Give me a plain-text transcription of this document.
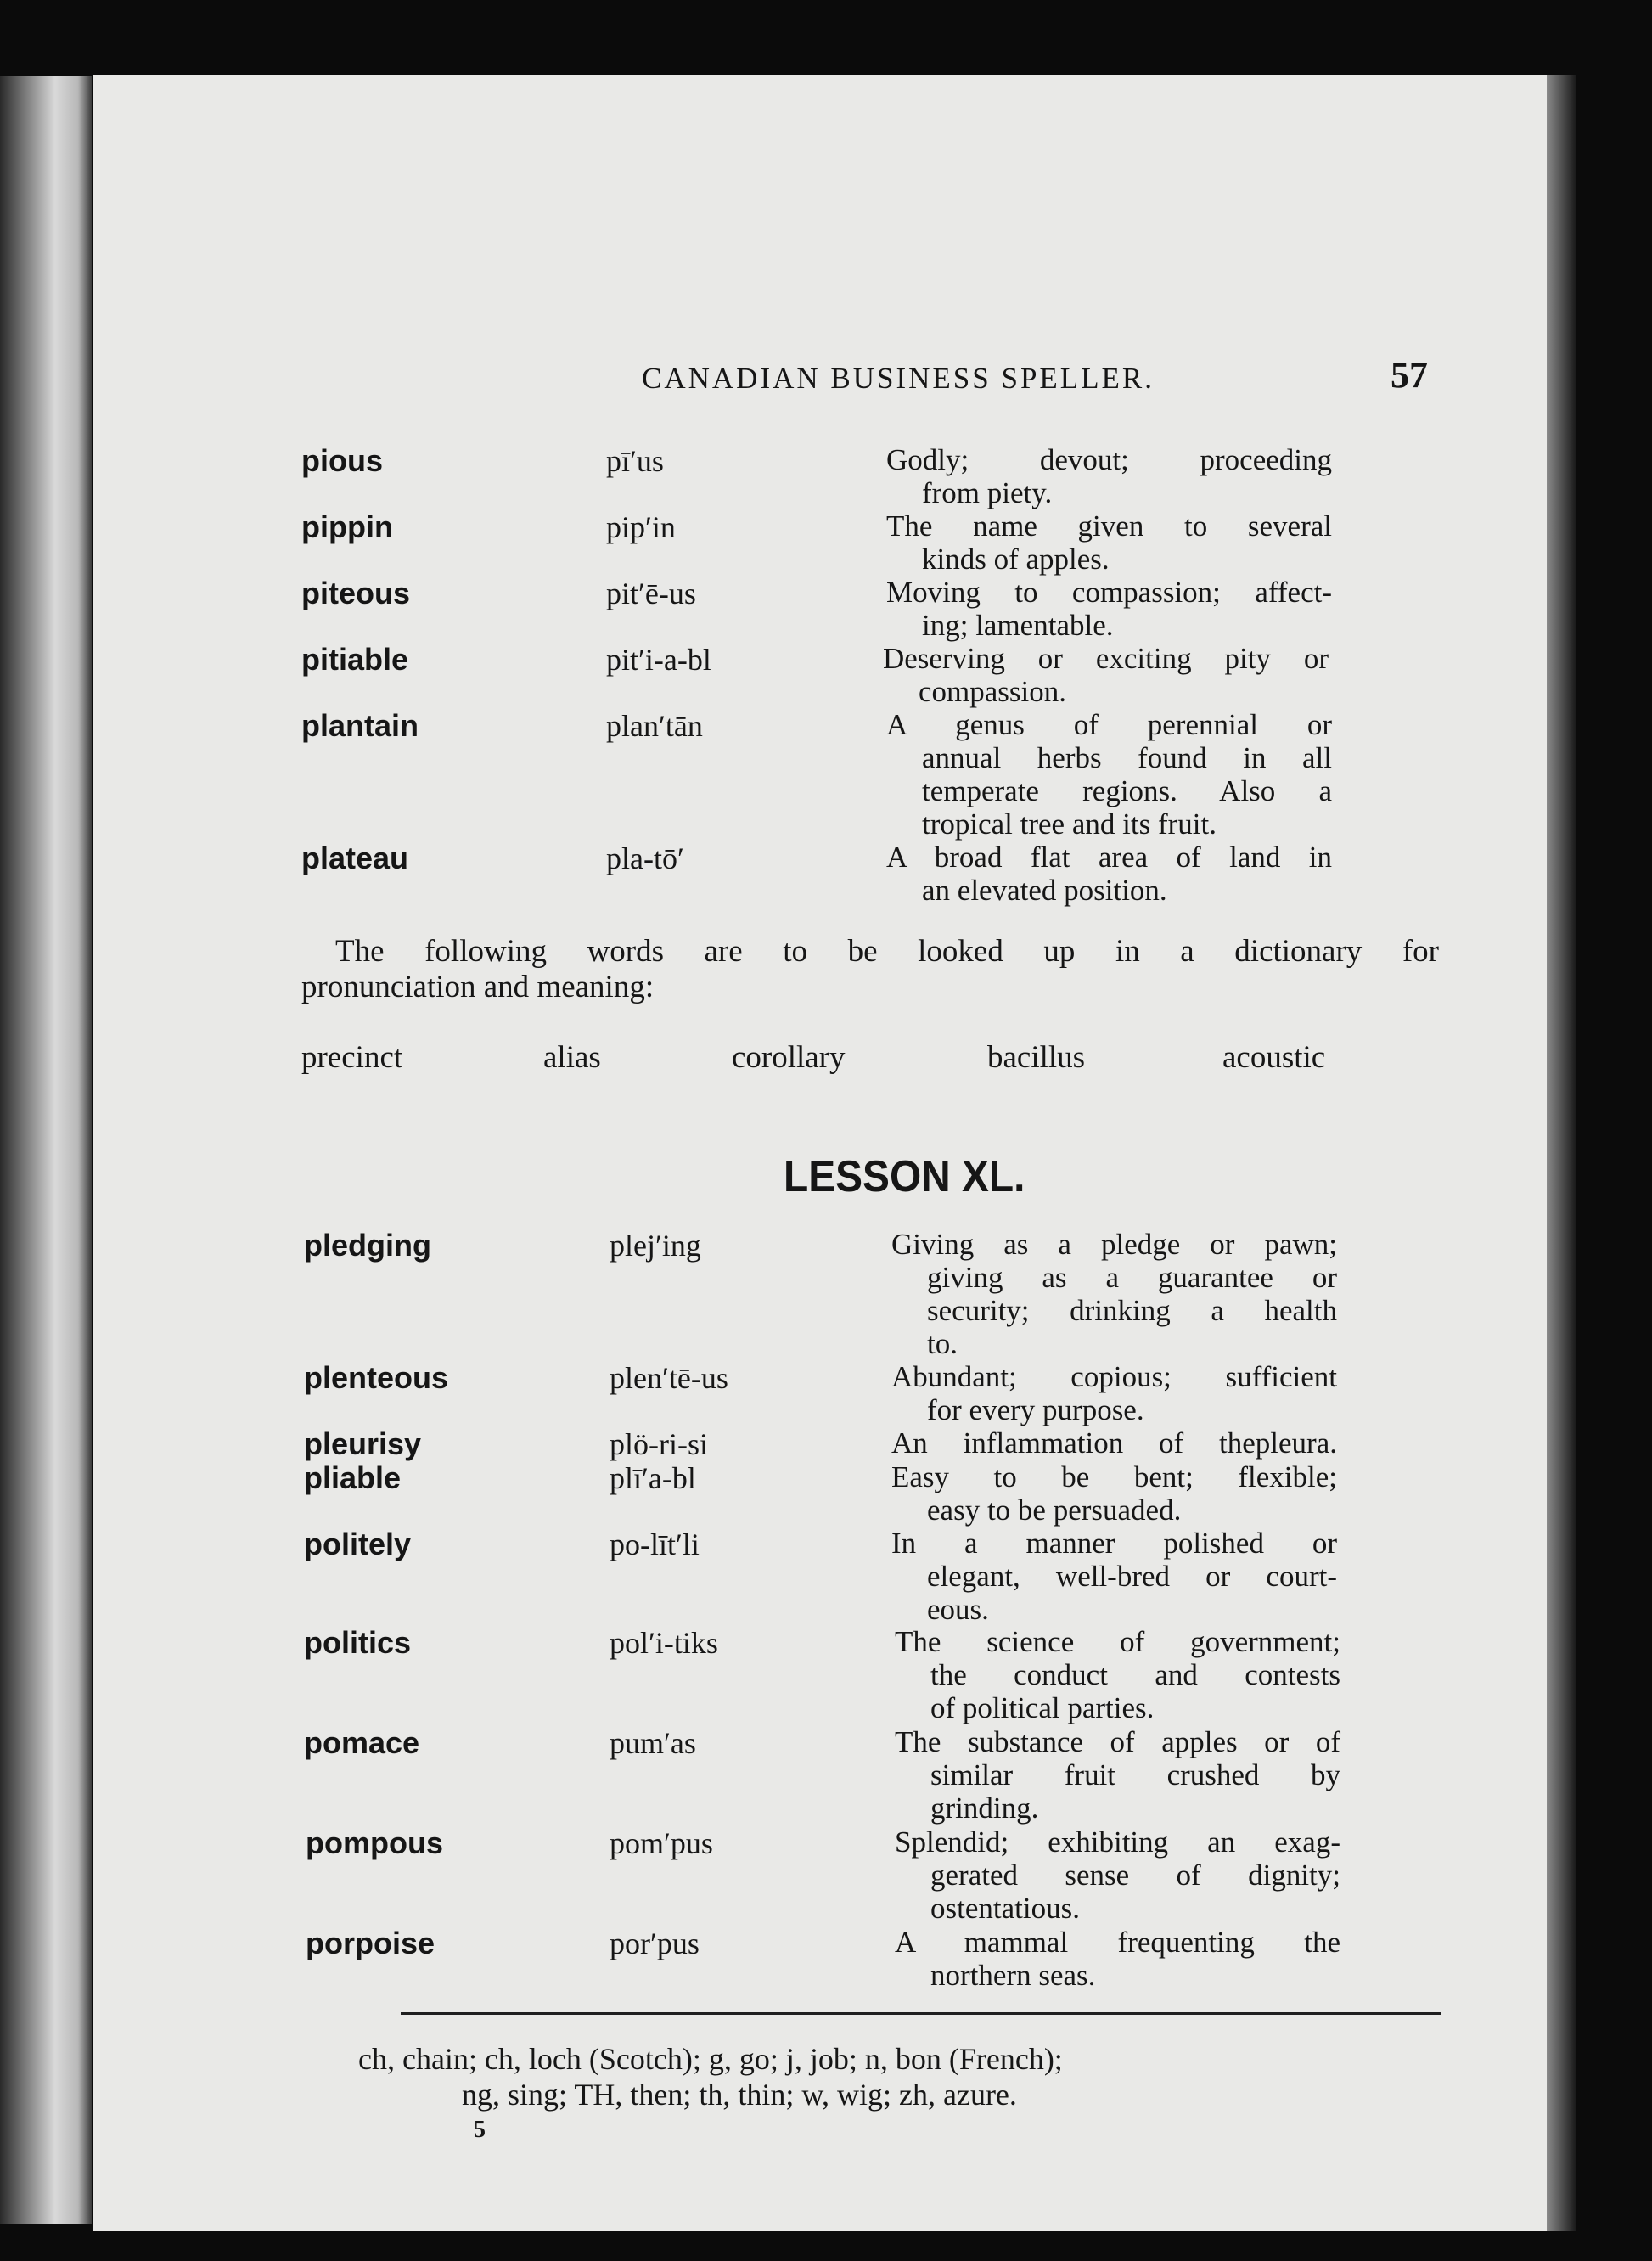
CANADIAN BUSINESS SPELLER.	57
pious	pī′us	Godly; devout; proceeding
from piety.
pippin	pip′in	The name given to several
kinds of apples.
piteous	pit′ē-us	Moving to compassion; affect-
ing; lamentable.
pitiable	pit′i-a-bl	Deserving or exciting pity or
compassion.
plantain	plan′tān	A genus of perennial or
annual herbs found in all
temperate regions. Also a
tropical tree and its fruit.
plateau	pla-tō′	A broad flat area of land in
an elevated position.
The following words are to be looked up in a dictionary for
pronunciation and meaning:
precinct	alias	corollary	bacillus	acoustic
LESSON XL.
pledging	plej′ing	Giving as a pledge or pawn;
giving as a guarantee or
security; drinking a health
to.
plenteous	plen′tē-us	Abundant; copious; sufficient
for every purpose.
pleurisy	plö-ri-si	An inflammation of thepleura.
pliable	plī′a-bl	Easy to be bent; flexible;
easy to be persuaded.
politely	po-līt′li	In a manner polished or
elegant, well-bred or court-
eous.
politics	pol′i-tiks	The science of government;
the conduct and contests
of political parties.
pomace	pum′as	The substance of apples or of
similar fruit crushed by
grinding.
pompous	pom′pus	Splendid; exhibiting an exag-
gerated sense of dignity;
ostentatious.
porpoise	por′pus	A mammal frequenting the
northern seas.
ch, chain; ch, loch (Scotch); g, go; j, job; n, bon (French);
ng, sing; TH, then; th, thin; w, wig; zh, azure.
5
